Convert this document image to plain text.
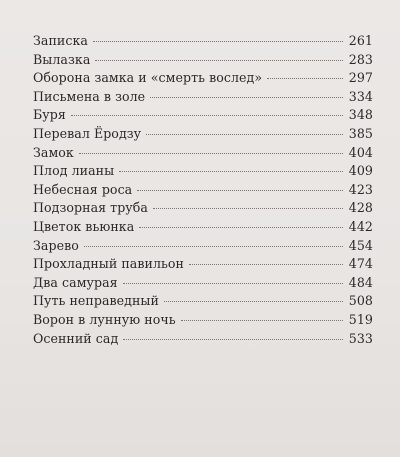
Записка	261
Вылазка	283
Оборона замка и «смерть вослед»	297
Письмена в золе	334
Буря	348
Перевал Ёродзу	385
Замок	404
Плод лианы	409
Небесная роса	423
Подзорная труба	428
Цветок вьюнка	442
Зарево	454
Прохладный павильон	474
Два самурая	484
Путь неправедный	508
Ворон в лунную ночь	519
Осенний сад	533
